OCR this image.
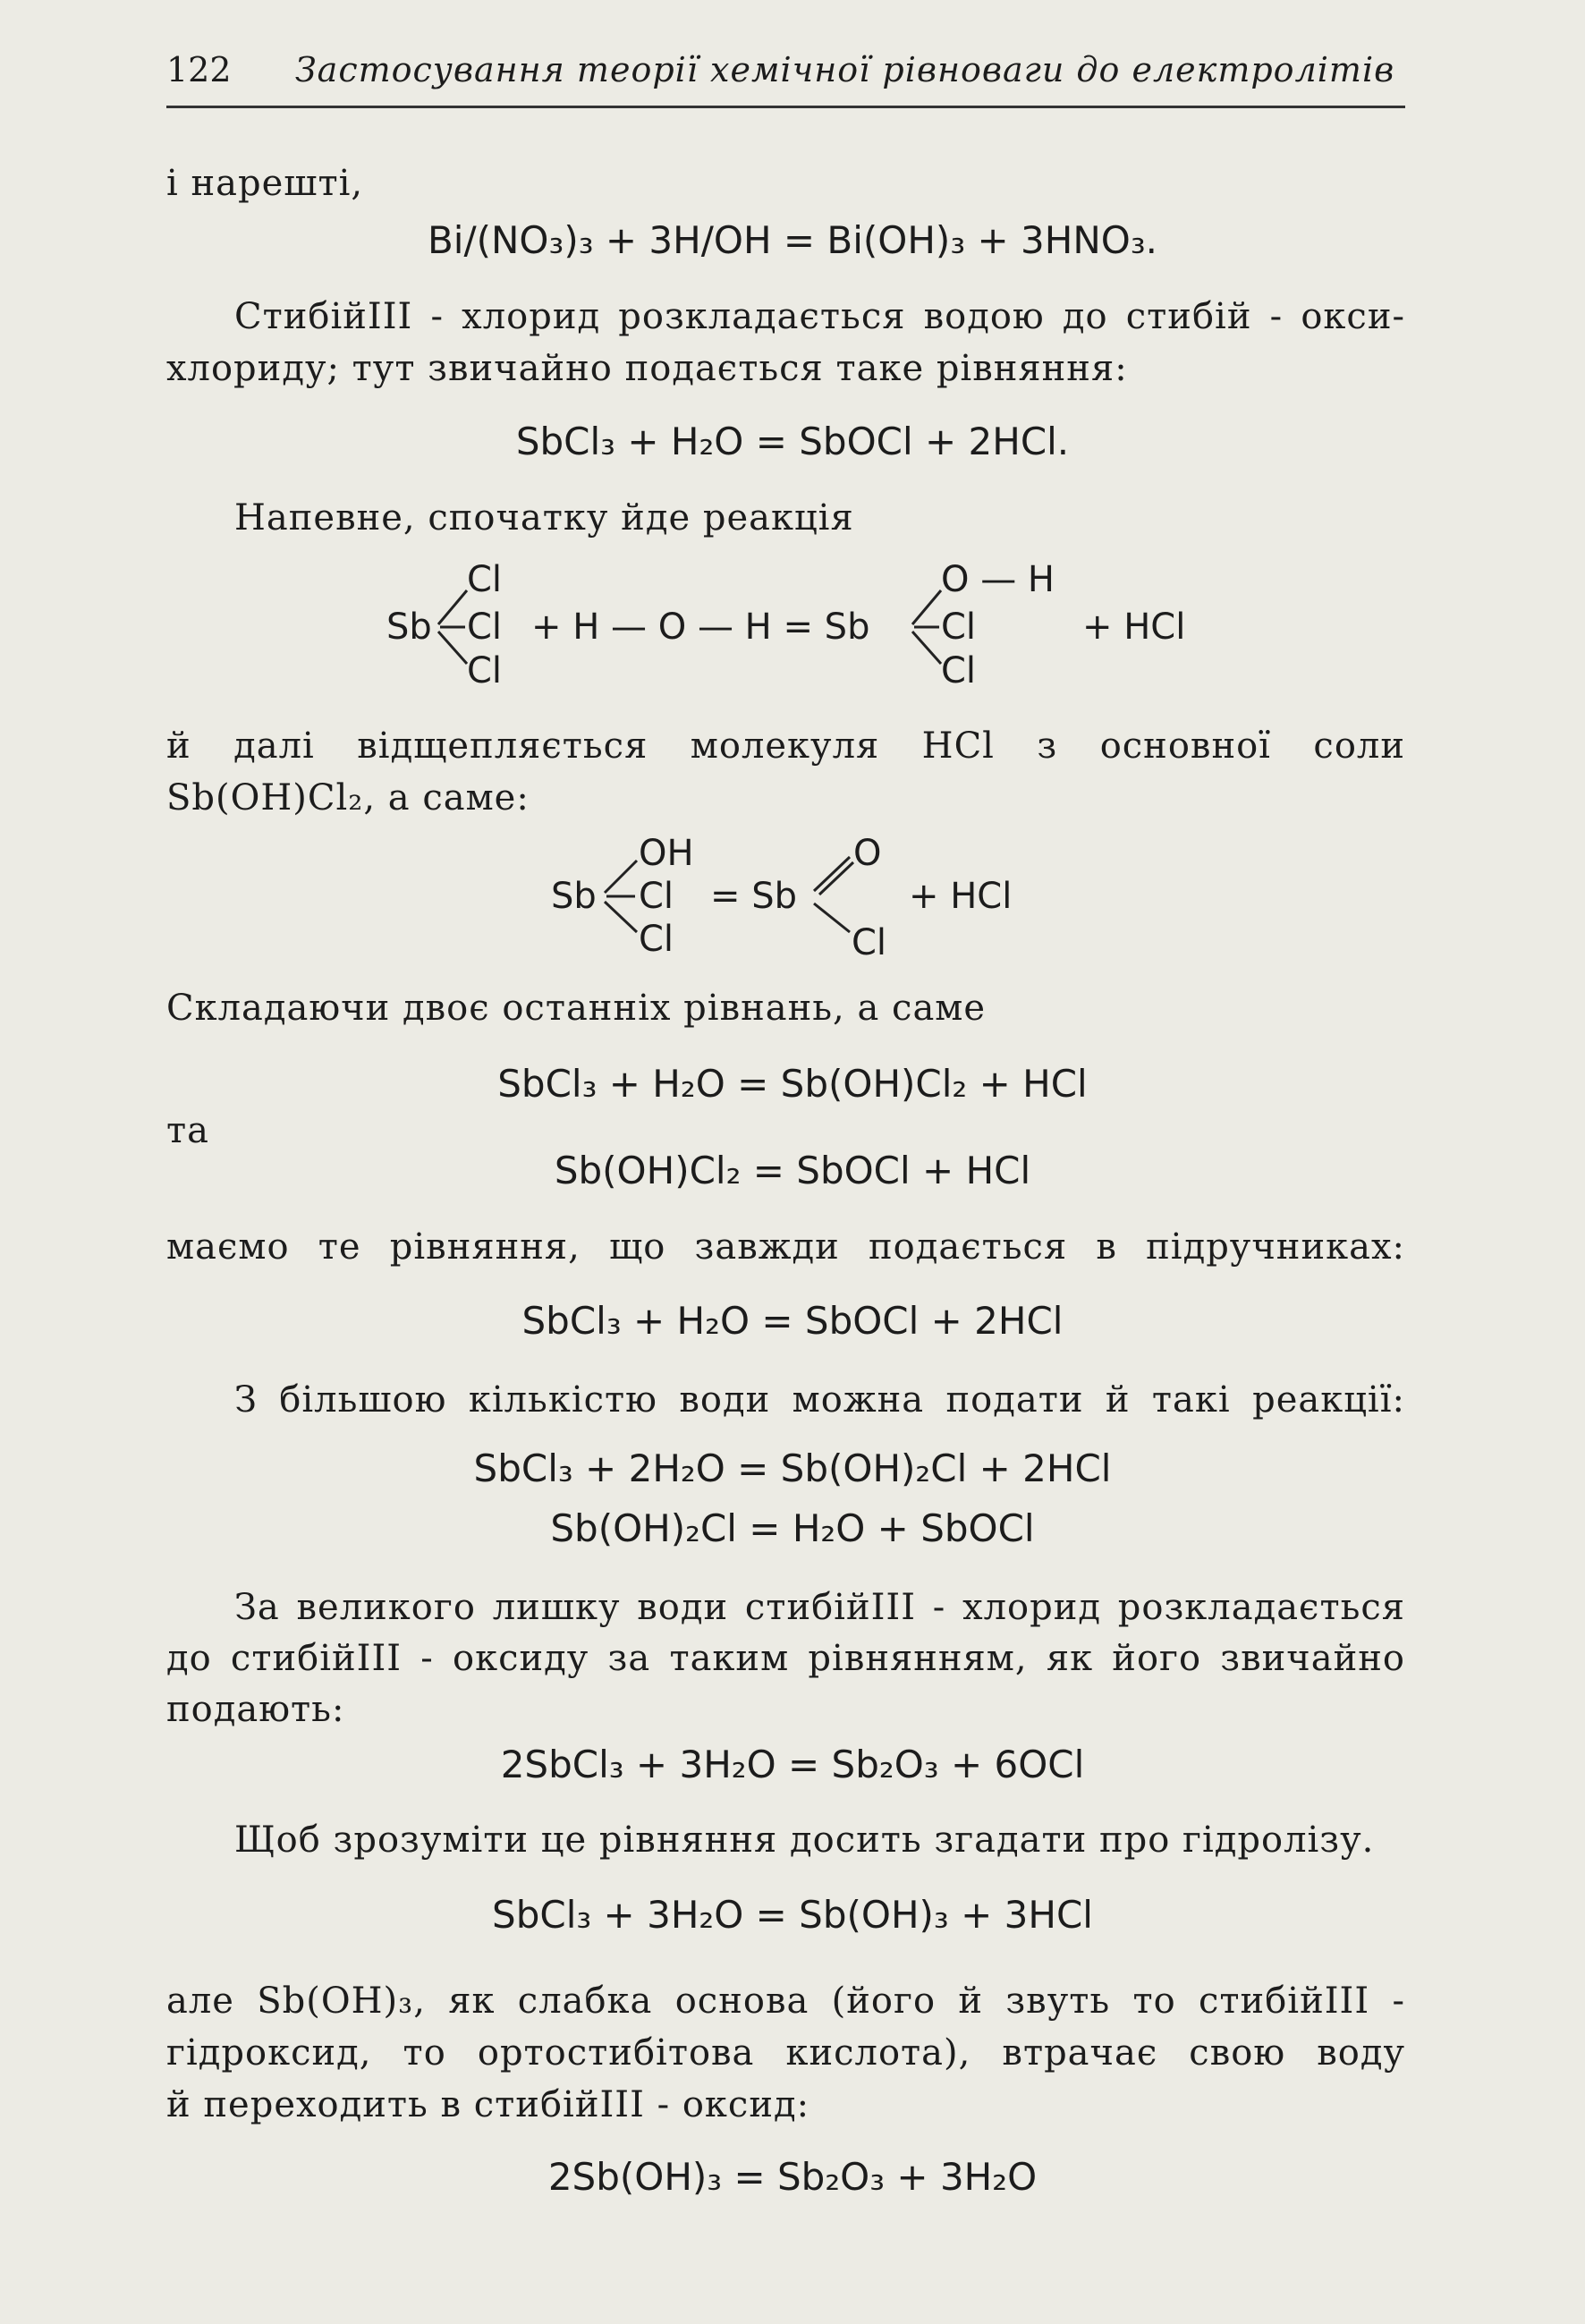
122 Застосування теорії хемічної рівноваги до електролітів
і нарешті,
Bi/(NO₃)₃ + 3H/OH = Bi(OH)₃ + 3HNO₃.
СтибійIII - хлорид розкладається водою до стибій - окси-
хлориду; тут звичайно подається таке рівняння:
SbCl₃ + H₂O = SbOCl + 2HCl.
Напевне, спочатку йде реакція
Cl
Sb Cl + H — O — H = Sb
Cl
O — H
Cl
Cl
+ HCl
й далі відщепляється молекуля HCl з основної соли
Sb(OH)Cl₂, а саме:
OH
Sb Cl = Sb
Cl
O
Cl
+ HCl
Складаючи двоє останніх рівнань, а саме
SbCl₃ + H₂O = Sb(OH)Cl₂ + HCl
та
Sb(OH)Cl₂ = SbOCl + HCl
маємо те рівняння, що завжди подається в підручниках:
SbCl₃ + H₂O = SbOCl + 2HCl
З більшою кількістю води можна подати й такі реакції:
SbCl₃ + 2H₂O = Sb(OH)₂Cl + 2HCl
Sb(OH)₂Cl = H₂O + SbOCl
За великого лишку води стибійIII - хлорид розкладається
до стибійIII - оксиду за таким рівнянням, як його звичайно
подають:
2SbCl₃ + 3H₂O = Sb₂O₃ + 6OCl
Щоб зрозуміти це рівняння досить згадати про гідролізу.
SbCl₃ + 3H₂O = Sb(OH)₃ + 3HCl
але Sb(OH)₃, як слабка основа (його й звуть то стибійIII -
гідроксид, то ортостибітова кислота), втрачає свою воду
й переходить в стибійIII - оксид:
2Sb(OH)₃ = Sb₂O₃ + 3H₂O
